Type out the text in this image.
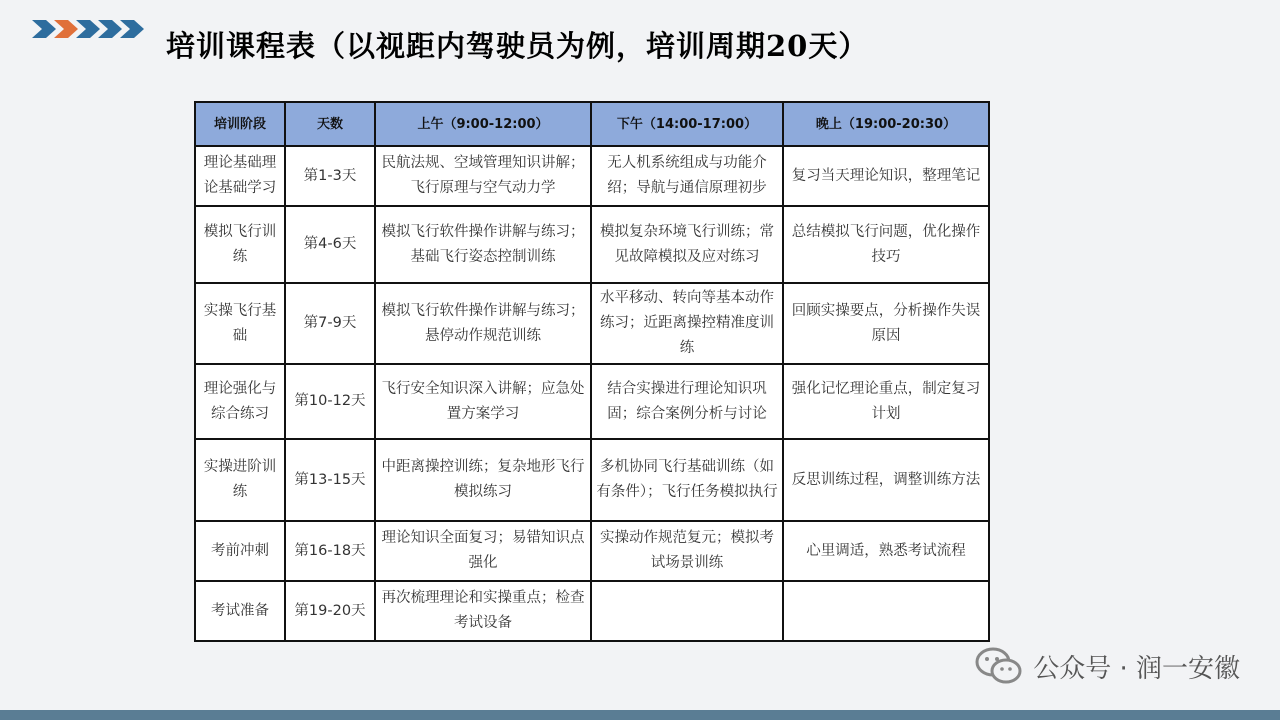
培训课程表（以视距内驾驶员为例，培训周期20天）
培训阶段	天数	上午（9:00-12:00）	下午（14:00-17:00）	晚上（19:00-20:30）
理论基础理论基础学习	第1-3天	民航法规、空域管理知识讲解；飞行原理与空气动力学	无人机系统组成与功能介绍；导航与通信原理初步	复习当天理论知识，整理笔记
模拟飞行训练	第4-6天	模拟飞行软件操作讲解与练习；基础飞行姿态控制训练	模拟复杂环境飞行训练；常见故障模拟及应对练习	总结模拟飞行问题，优化操作技巧
实操飞行基础	第7-9天	模拟飞行软件操作讲解与练习；悬停动作规范训练	水平移动、转向等基本动作练习；近距离操控精准度训练	回顾实操要点，分析操作失误原因
理论强化与综合练习	第10-12天	飞行安全知识深入讲解；应急处置方案学习	结合实操进行理论知识巩固；综合案例分析与讨论	强化记忆理论重点，制定复习计划
实操进阶训练	第13-15天	中距离操控训练；复杂地形飞行模拟练习	多机协同飞行基础训练（如有条件）；飞行任务模拟执行	反思训练过程，调整训练方法
考前冲刺	第16-18天	理论知识全面复习；易错知识点强化	实操动作规范复元；模拟考试场景训练	心里调适，熟悉考试流程
考试准备	第19-20天	再次梳理理论和实操重点；检查考试设备		
公众号 · 润一安徽
